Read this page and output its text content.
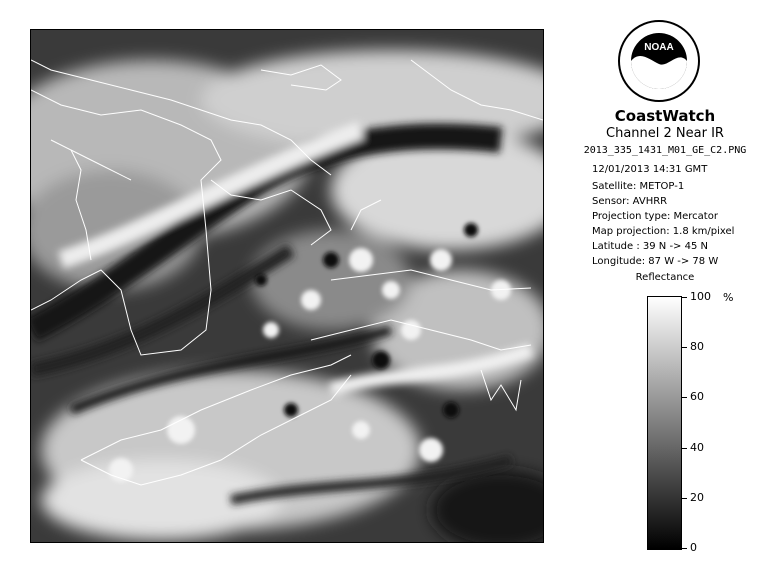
NOAA
CoastWatch
Channel 2 Near IR
2013_335_1431_M01_GE_C2.PNG
12/01/2013 14:31 GMT
Satellite: METOP-1
Sensor: AVHRR
Projection type: Mercator
Map projection: 1.8 km/pixel
Latitude : 39 N -> 45 N
Longitude: 87 W -> 78 W
Reflectance
%
100
80
60
40
20
0
